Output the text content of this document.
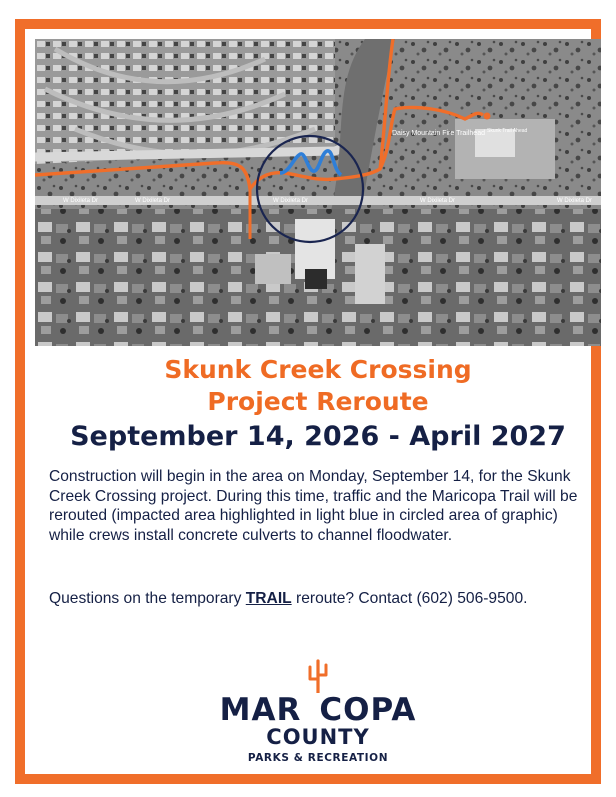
W Dixileta Dr	W Dixileta Dr	W Dixileta Dr	W Dixileta Dr	W Dixileta Dr
Daisy Mountain Fire Trailhead Skunk Trail Ahead
Skunk Creek Crossing
Project Reroute
September 14, 2026 - April 2027

Construction will begin in the area on Monday, September 14, for the Skunk Creek Crossing project. During this time, traffic and the Maricopa Trail will be rerouted (impacted area highlighted in light blue in circled area of graphic) while crews install concrete culverts to channel floodwater.

Questions on the temporary TRAIL reroute? Contact (602) 506-9500.

MAR COPA
COUNTY
PARKS & RECREATION
